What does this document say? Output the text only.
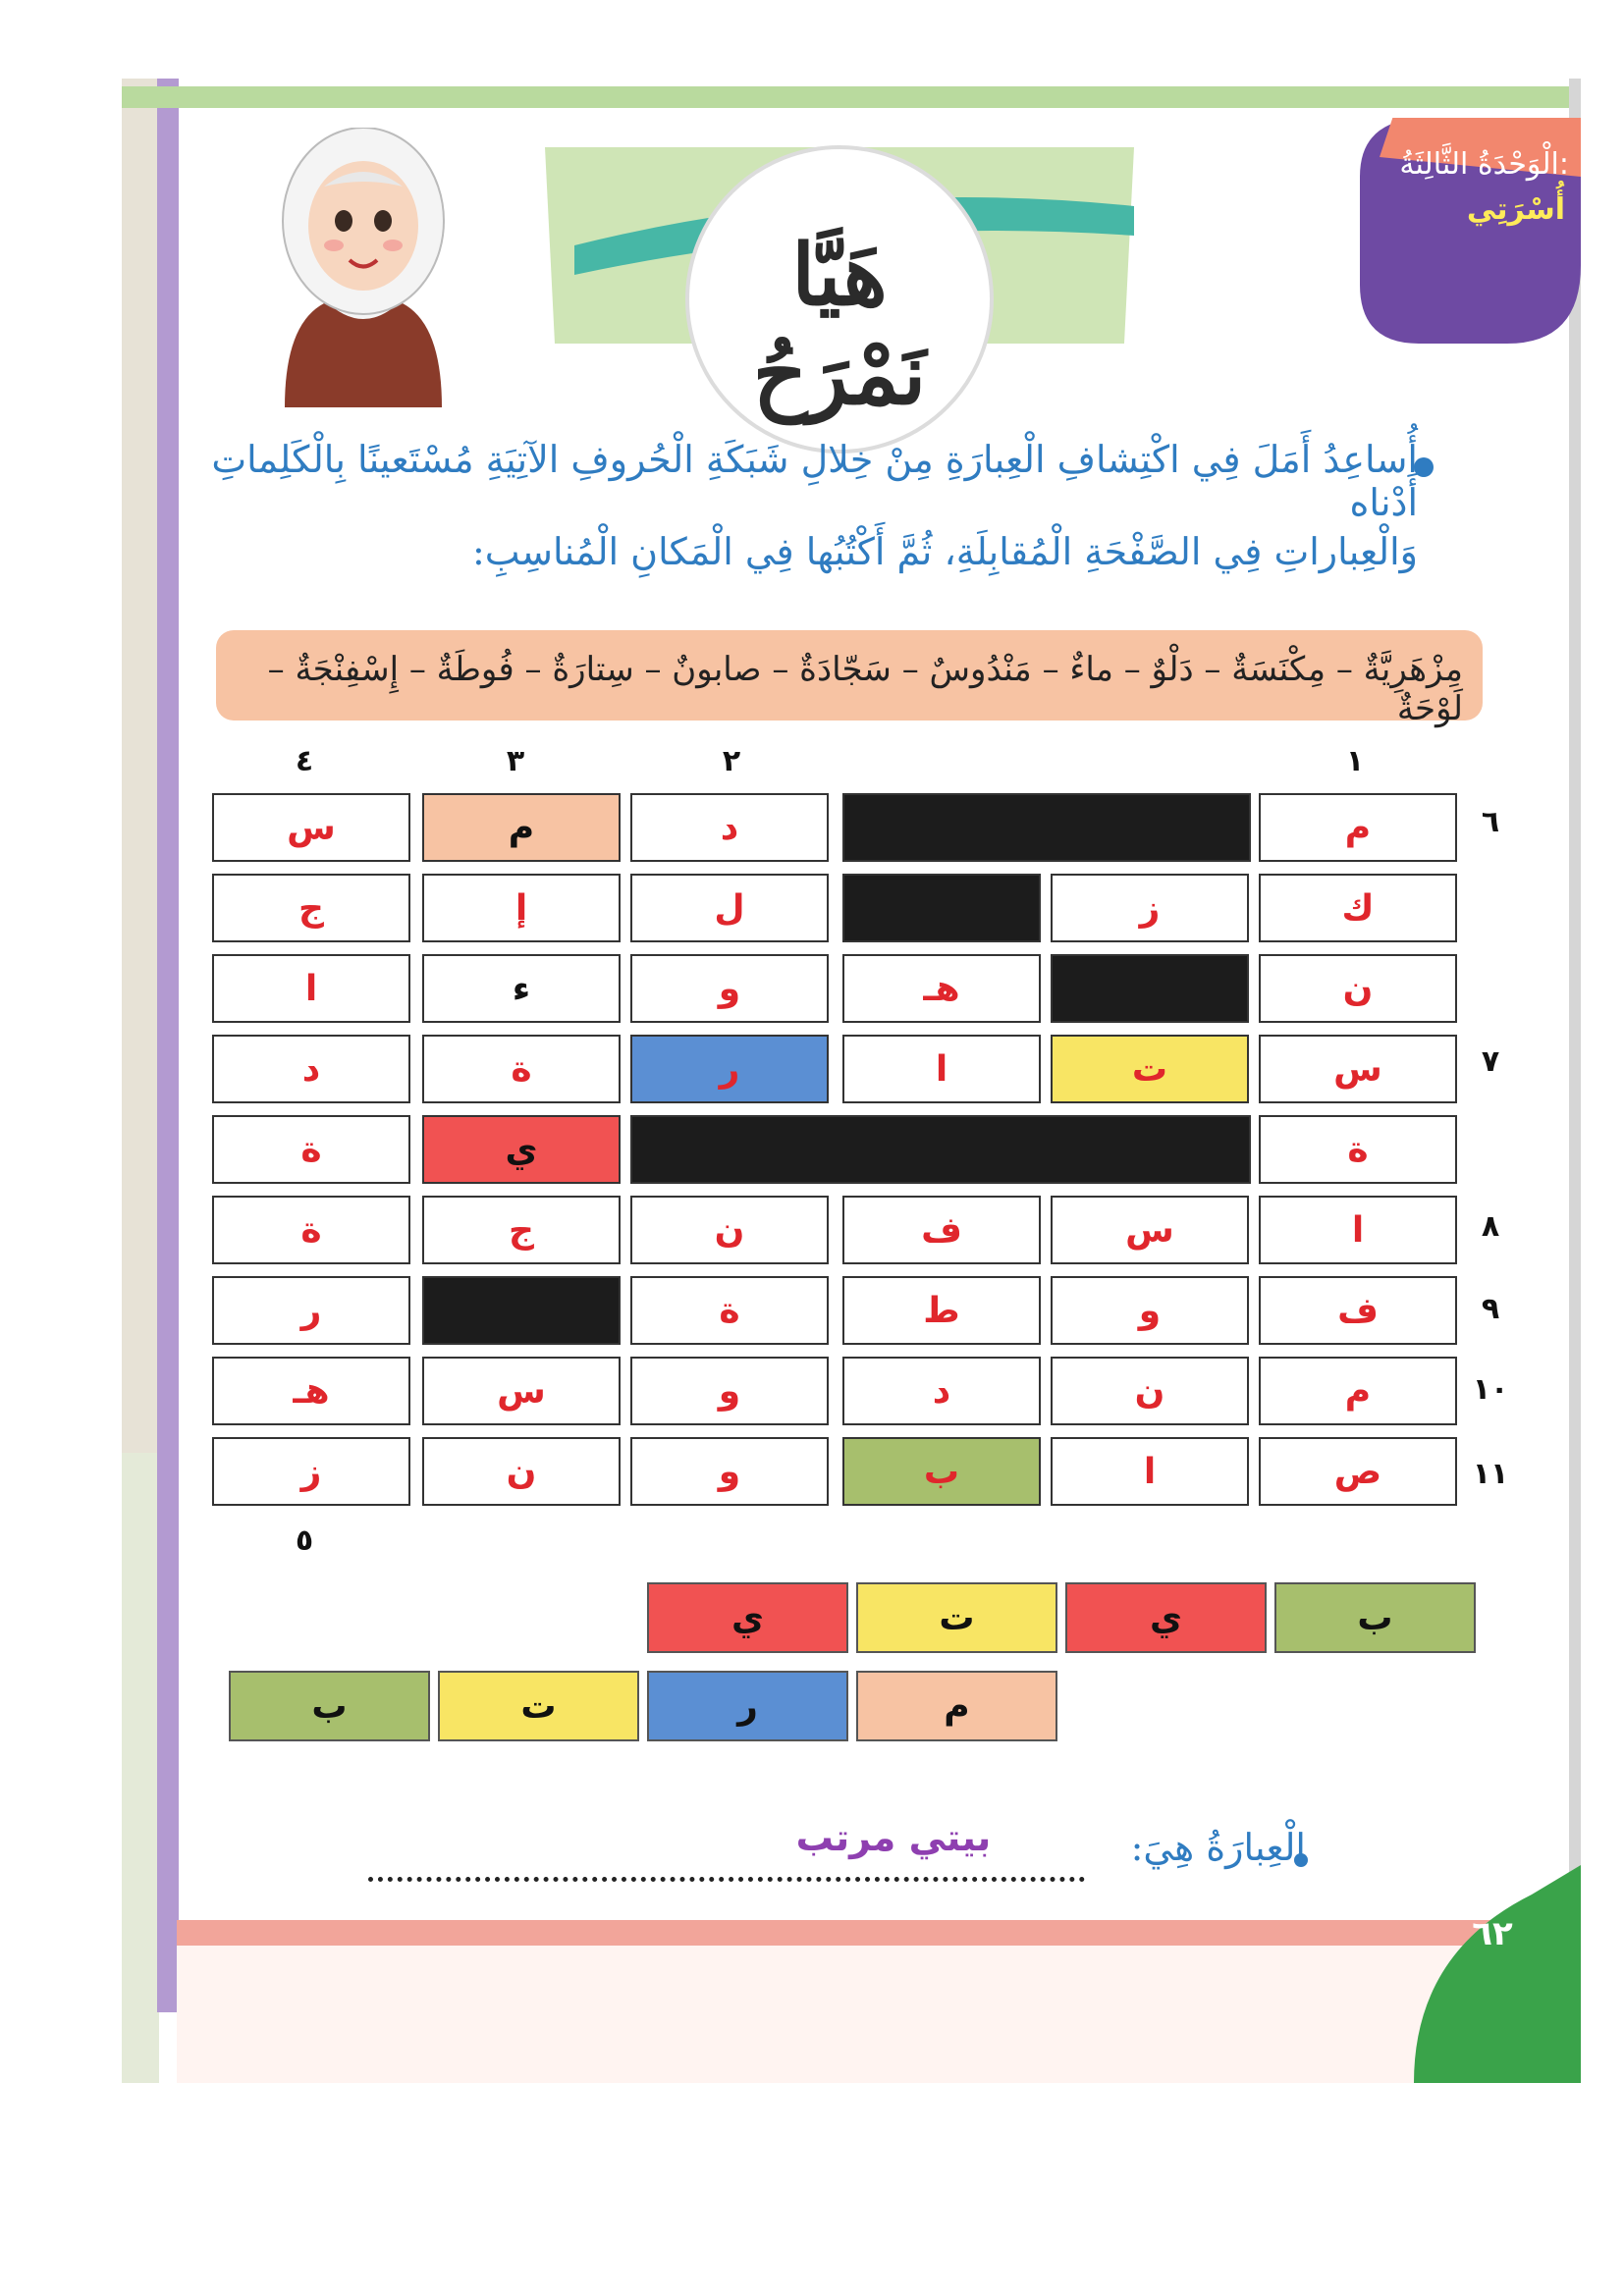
الْوَحْدَةُ الثَّالِثَةُ:
أُسْرَتِي
٦٢
هَيَّا نَمْرَحُ
أُساعِدُ أَمَلَ فِي اكْتِشافِ الْعِبارَةِ مِنْ خِلالِ شَبَكَةِ الْحُروفِ الآتِيَةِ مُسْتَعينًا بِالْكَلِماتِ أَدْناه
وَالْعِباراتِ فِي الصَّفْحَةِ الْمُقابِلَةِ، ثُمَّ أَكْتُبُها فِي الْمَكانِ الْمُناسِبِ:
مِزْهَرِيَّةٌ – مِكْنَسَةٌ – دَلْوٌ – ماءٌ – مَنْدُوسٌ – سَجّادَةٌ – صابونٌ – سِتارَةٌ – فُوطَةٌ – إِسْفِنْجَةٌ – لَوْحَةٌ
١
٢
٣
٤
٥
٦
٧
٨
٩
١٠
١١
م
د
م
س
ك
ز
ل
إ
ج
ن
هـ
و
ء
ا
س
ت
ا
ر
ة
د
ة
ي
ة
ا
س
ف
ن
ج
ة
ف
و
ط
ة
ر
م
ن
د
و
س
هـ
ص
ا
ب
و
ن
ز
ب
ي
ت
ي
م
ر
ت
ب
الْعِبارَةُ هِيَ:
بيتي مرتب
